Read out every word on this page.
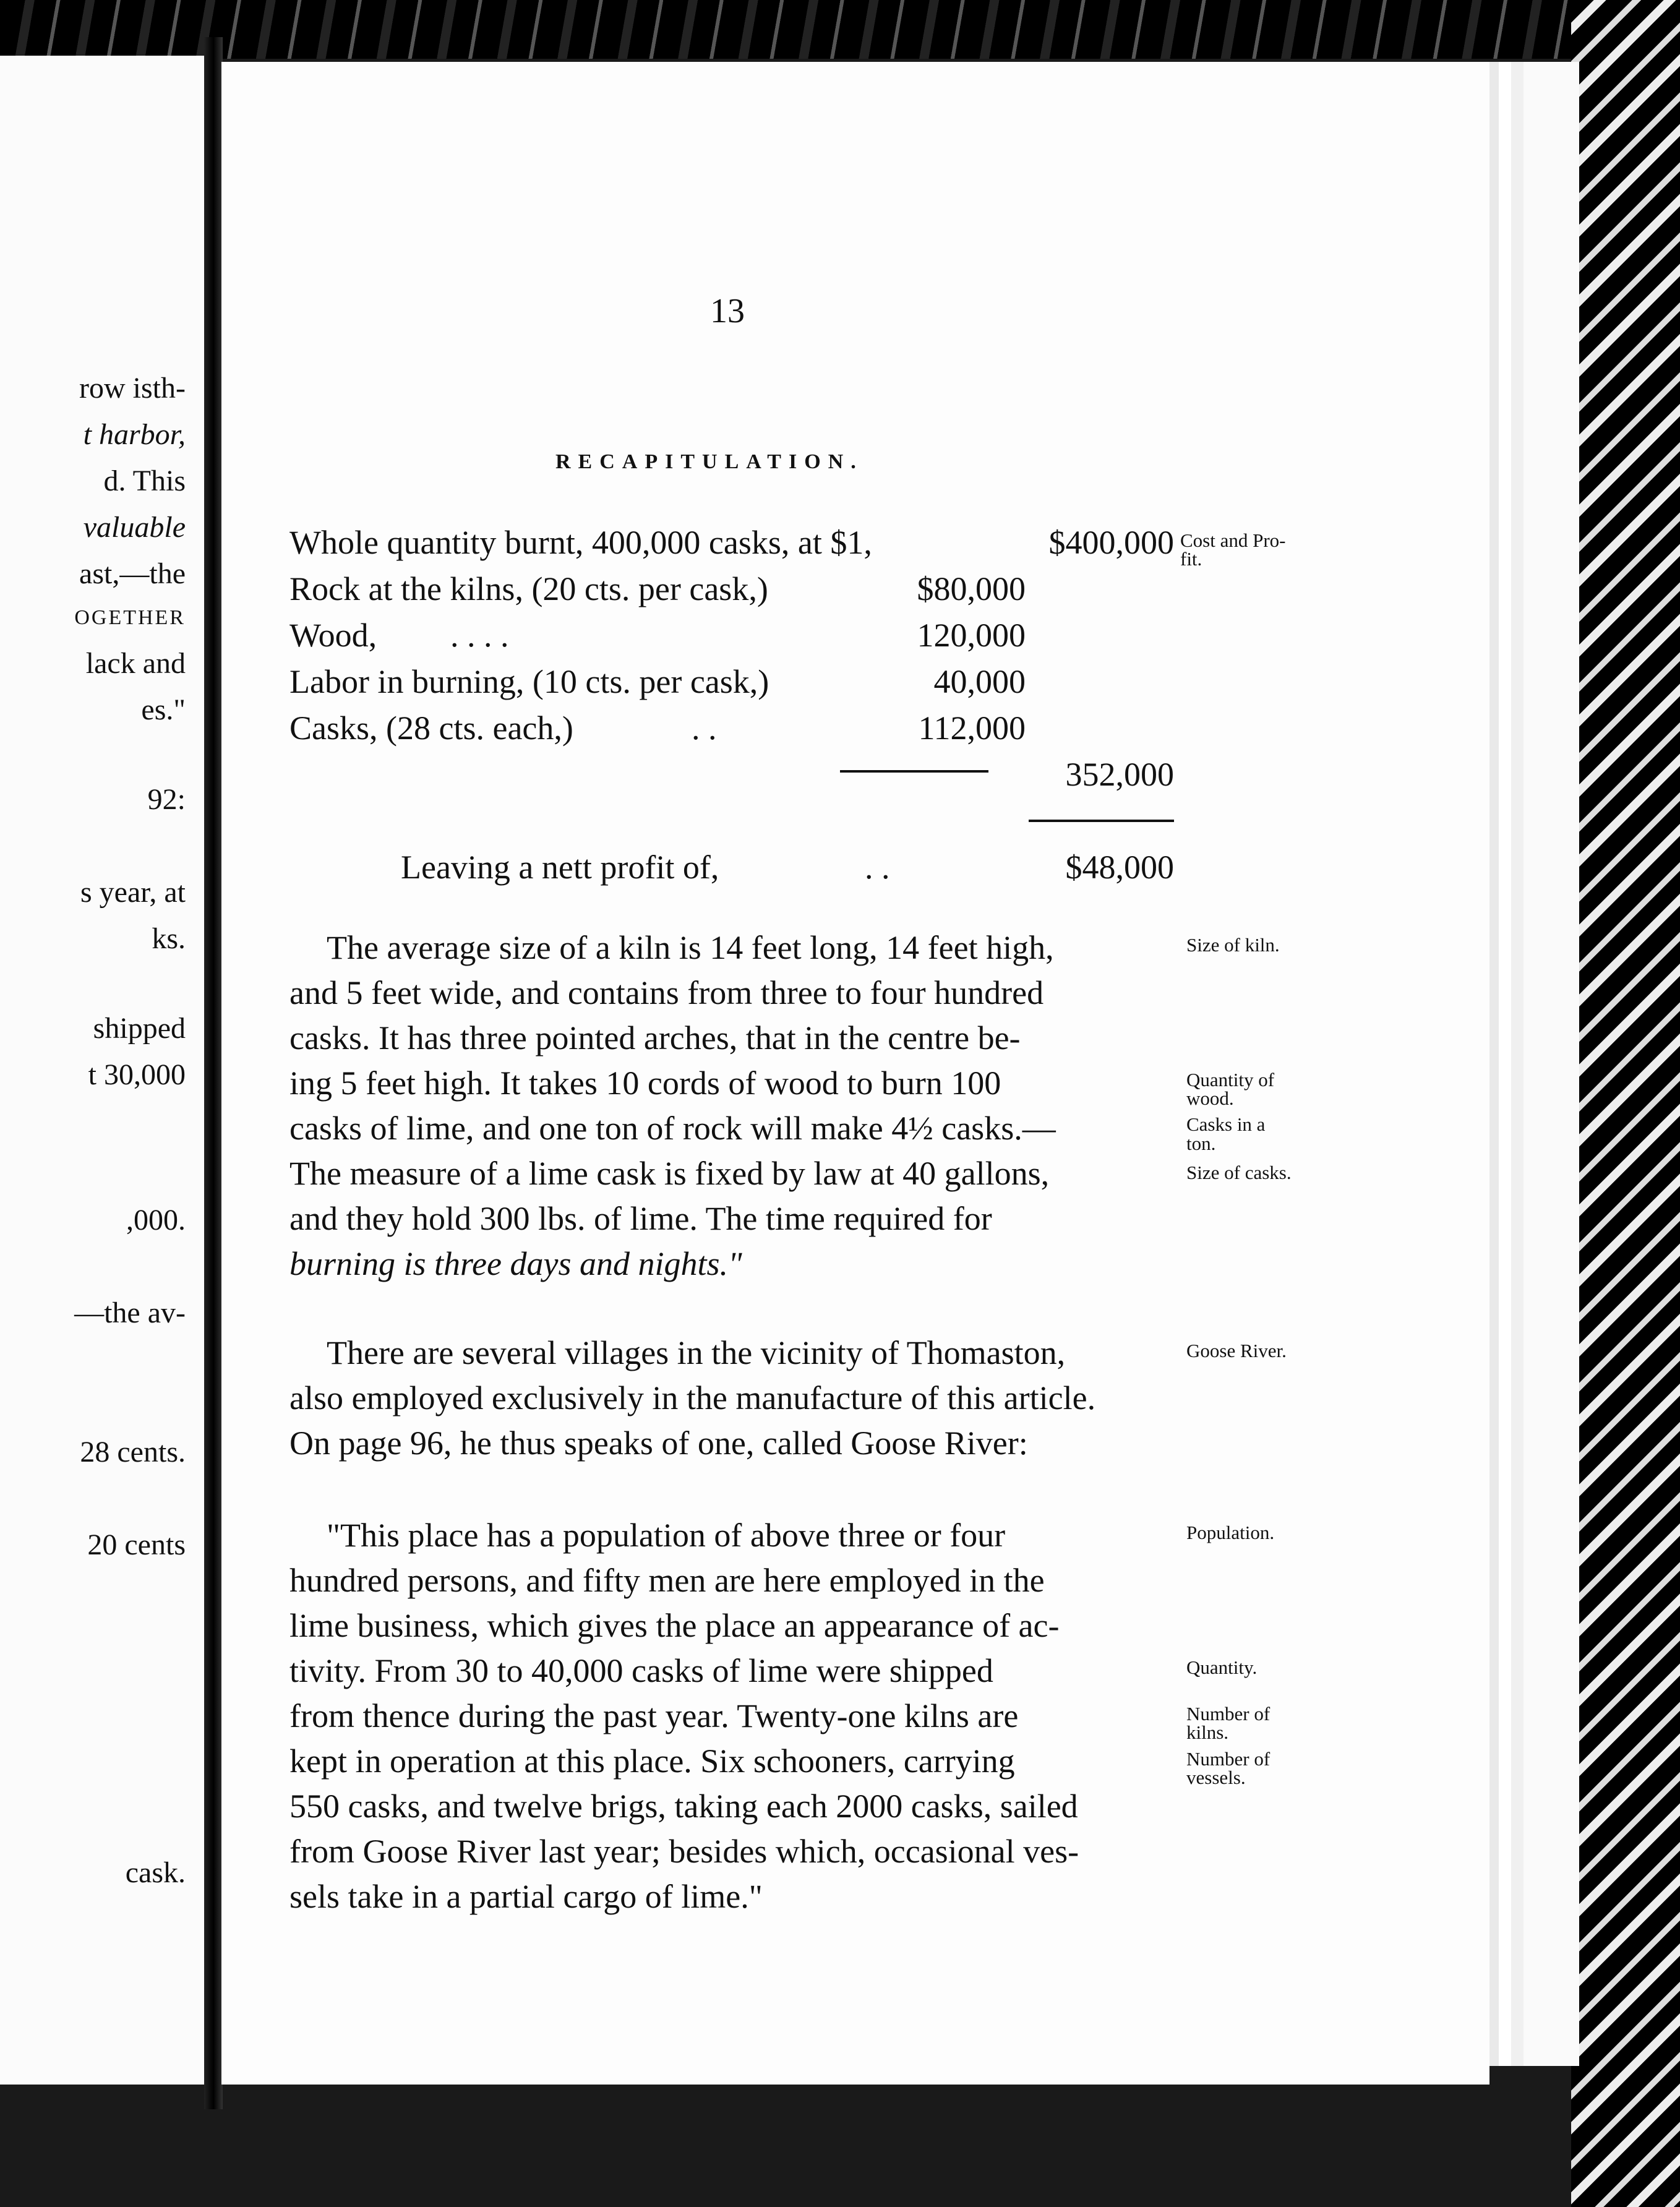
row isth-
t harbor,
d. This
valuable
ast,—the
OGETHER
lack and
es."
92:
s year, at
ks.
shipped
t 30,000
,000.
—the av-
28 cents.
20 cents
cask.
13
RECAPITULATION.
Whole quantity burnt, 400,000 casks, at $1,	$400,000
Rock at the kilns, (20 cts. per cask,)	$80,000
Wood, . . . .	120,000
Labor in burning, (10 cts. per cask,)	40,000
Casks, (28 cts. each,)	. .	112,000
352,000
Leaving a nett profit of,	. .	$48,000
The average size of a kiln is 14 feet long, 14 feet high,
and 5 feet wide, and contains from three to four hundred
casks. It has three pointed arches, that in the centre be-
ing 5 feet high. It takes 10 cords of wood to burn 100
casks of lime, and one ton of rock will make 4½ casks.—
The measure of a lime cask is fixed by law at 40 gallons,
and they hold 300 lbs. of lime. The time required for
burning is three days and nights."
There are several villages in the vicinity of Thomaston,
also employed exclusively in the manufacture of this article.
On page 96, he thus speaks of one, called Goose River:
"This place has a population of above three or four
hundred persons, and fifty men are here employed in the
lime business, which gives the place an appearance of ac-
tivity. From 30 to 40,000 casks of lime were shipped
from thence during the past year. Twenty-one kilns are
kept in operation at this place. Six schooners, carrying
550 casks, and twelve brigs, taking each 2000 casks, sailed
from Goose River last year; besides which, occasional ves-
sels take in a partial cargo of lime."
Cost and Pro-
fit.
Size of kiln.
Quantity of
wood.
Casks in a
ton.
Size of casks.
Goose River.
Population.
Quantity.
Number of
kilns.
Number of
vessels.
